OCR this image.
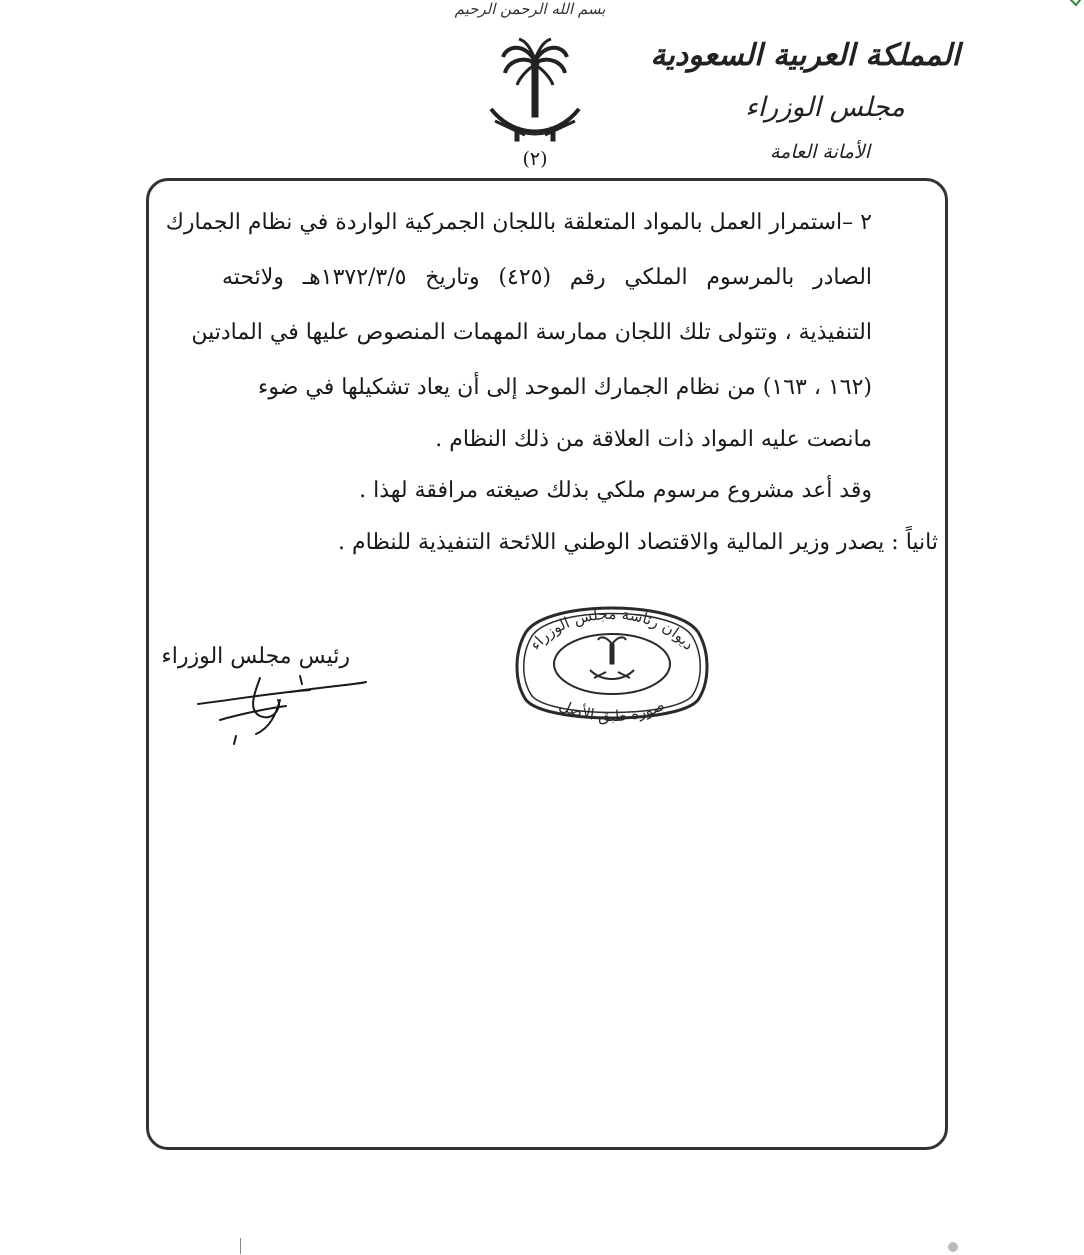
بسم الله الرحمن الرحيم
المملكة العربية السعودية
مجلس الوزراء
الأمانة العامة
(٢)
٢ –استمرار العمل بالمواد المتعلقة باللجان الجمركية الواردة في نظام الجمارك
الصادر بالمرسوم الملكي رقم (٤٢٥) وتاريخ ١٣٧٢/٣/٥هـ ولائحته
التنفيذية ، وتتولى تلك اللجان ممارسة المهمات المنصوص عليها في المادتين
(١٦٢ ، ١٦٣) من نظام الجمارك الموحد إلى أن يعاد تشكيلها في ضوء
مانصت عليه المواد ذات العلاقة من ذلك النظام .
وقد أعد مشروع مرسوم ملكي بذلك صيغته مرافقة لهذا .
ثانياً : يصدر وزير المالية والاقتصاد الوطني اللائحة التنفيذية للنظام .
ديوان رئاسة مجلس الوزراء
صورة طبق الأصل
رئيس مجلس الوزراء
